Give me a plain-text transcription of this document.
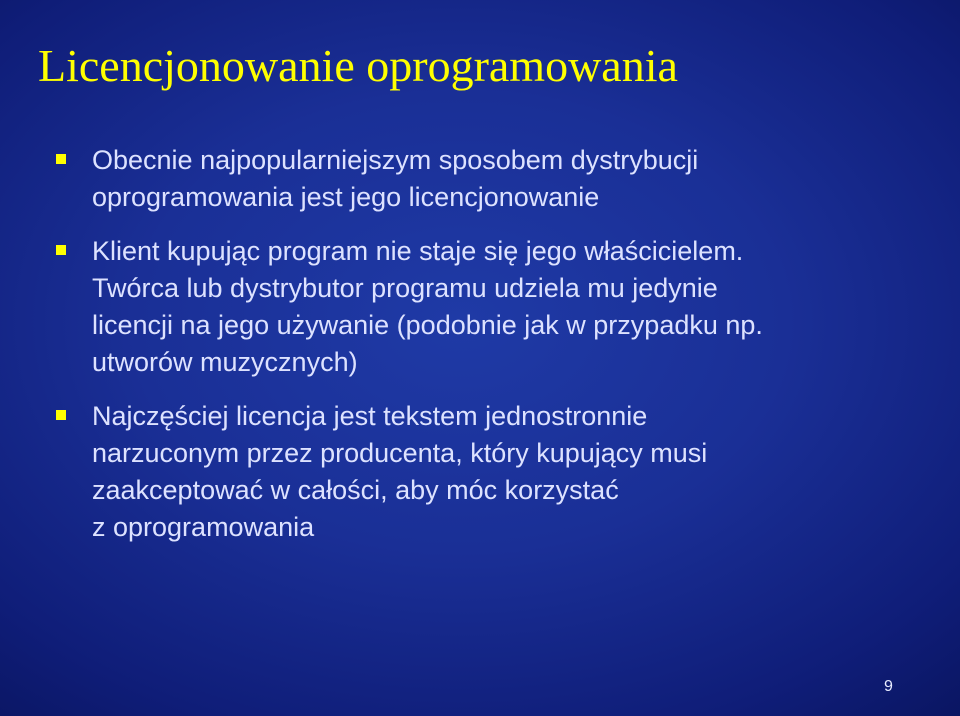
Licencjonowanie oprogramowania
Obecnie najpopularniejszym sposobem dystrybucji
oprogramowania jest jego licencjonowanie
Klient kupując program nie staje się jego właścicielem.
Twórca lub dystrybutor programu udziela mu jedynie
licencji na jego używanie (podobnie jak w przypadku np.
utworów muzycznych)
Najczęściej licencja jest tekstem jednostronnie
narzuconym przez producenta, który kupujący musi
zaakceptować w całości, aby móc korzystać
z oprogramowania
9
